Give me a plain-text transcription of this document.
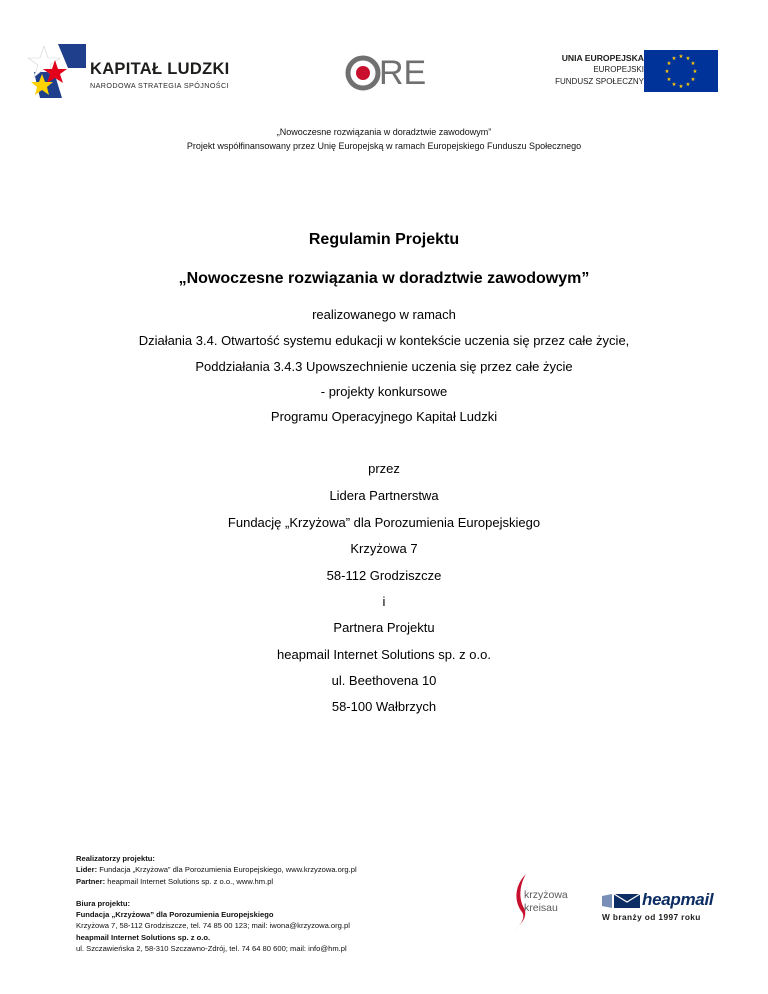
KAPITAŁ LUDZKI
NARODOWA STRATEGIA SPÓJNOŚCI	RE	UNIA EUROPEJSKA
EUROPEJSKI
FUNDUSZ SPOŁECZNY
★ ★
★
★
★
★
★
★
★
★
★
★
„Nowoczesne rozwiązania w doradztwie zawodowym”
Projekt współfinansowany przez Unię Europejską w ramach Europejskiego Funduszu Społecznego
Regulamin Projektu
„Nowoczesne rozwiązania w doradztwie zawodowym”
realizowanego w ramach
Działania 3.4. Otwartość systemu edukacji w kontekście uczenia się przez całe życie,
Poddziałania 3.4.3 Upowszechnienie uczenia się przez całe życie
- projekty konkursowe
Programu Operacyjnego Kapitał Ludzki
przez
Lidera Partnerstwa
Fundację „Krzyżowa” dla Porozumienia Europejskiego
Krzyżowa 7
58-112 Grodziszcze
i
Partnera Projektu
heapmail Internet Solutions sp. z o.o.
ul. Beethovena 10
58-100 Wałbrzych
Realizatorzy projektu:
Lider: Fundacja „Krzyżowa” dla Porozumienia Europejskiego, www.krzyzowa.org.pl
Partner: heapmail Internet Solutions sp. z o.o., www.hm.pl
Biura projektu:
Fundacja „Krzyżowa” dla Porozumienia Europejskiego
Krzyżowa 7, 58-112 Grodziszcze, tel. 74 85 00 123; mail: iwona@krzyzowa.org.pl
heapmail Internet Solutions sp. z o.o.
ul. Szczawieńska 2, 58-310 Szczawno-Zdrój, tel. 74 64 80 600; mail: info@hm.pl
krzyżowa
kreisau	heapmail
W branży od 1997 roku
